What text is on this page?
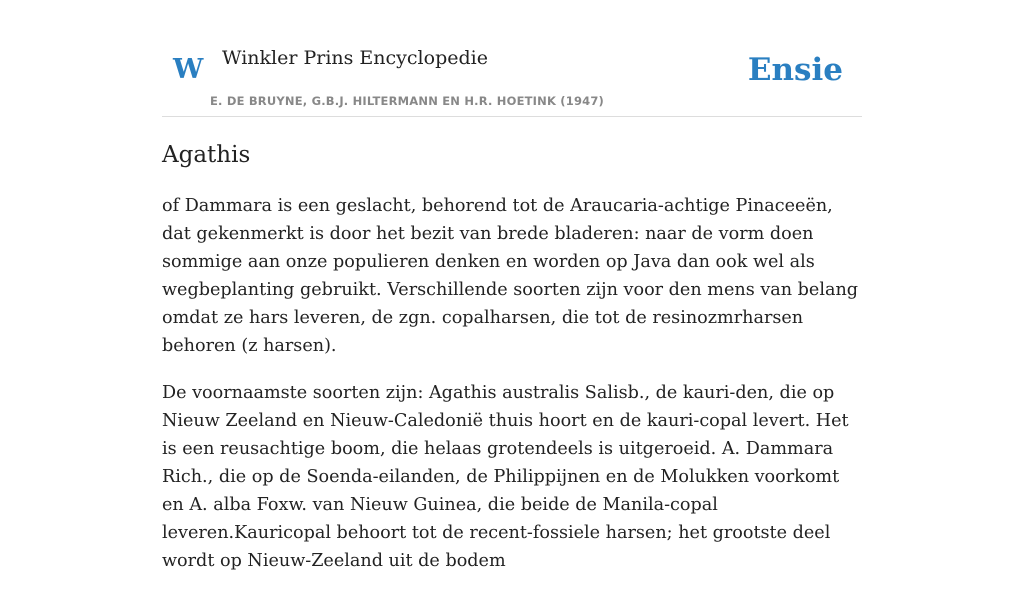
W Winkler Prins Encyclopedie
E. DE BRUYNE, G.B.J. HILTERMANN EN H.R. HOETINK (1947)
Ensie
Agathis

of Dammara is een geslacht, behorend tot de Araucaria-achtige Pinaceeën, dat gekenmerkt is door het bezit van brede bladeren: naar de vorm doen sommige aan onze populieren denken en worden op Java dan ook wel als wegbeplanting gebruikt. Verschillende soorten zijn voor den mens van belang omdat ze hars leveren, de zgn. copalharsen, die tot de resinozmrharsen behoren (z harsen).

De voornaamste soorten zijn: Agathis australis Salisb., de kauri-den, die op Nieuw Zeeland en Nieuw-Caledonië thuis hoort en de kauri-copal levert. Het is een reusachtige boom, die helaas grotendeels is uitgeroeid. A. Dammara Rich., die op de Soenda-eilanden, de Philippijnen en de Molukken voorkomt en A. alba Foxw. van Nieuw Guinea, die beide de Manila-copal leveren.Kauricopal behoort tot de recent-fossiele harsen; het grootste deel wordt op Nieuw-Zeeland uit de bodem
